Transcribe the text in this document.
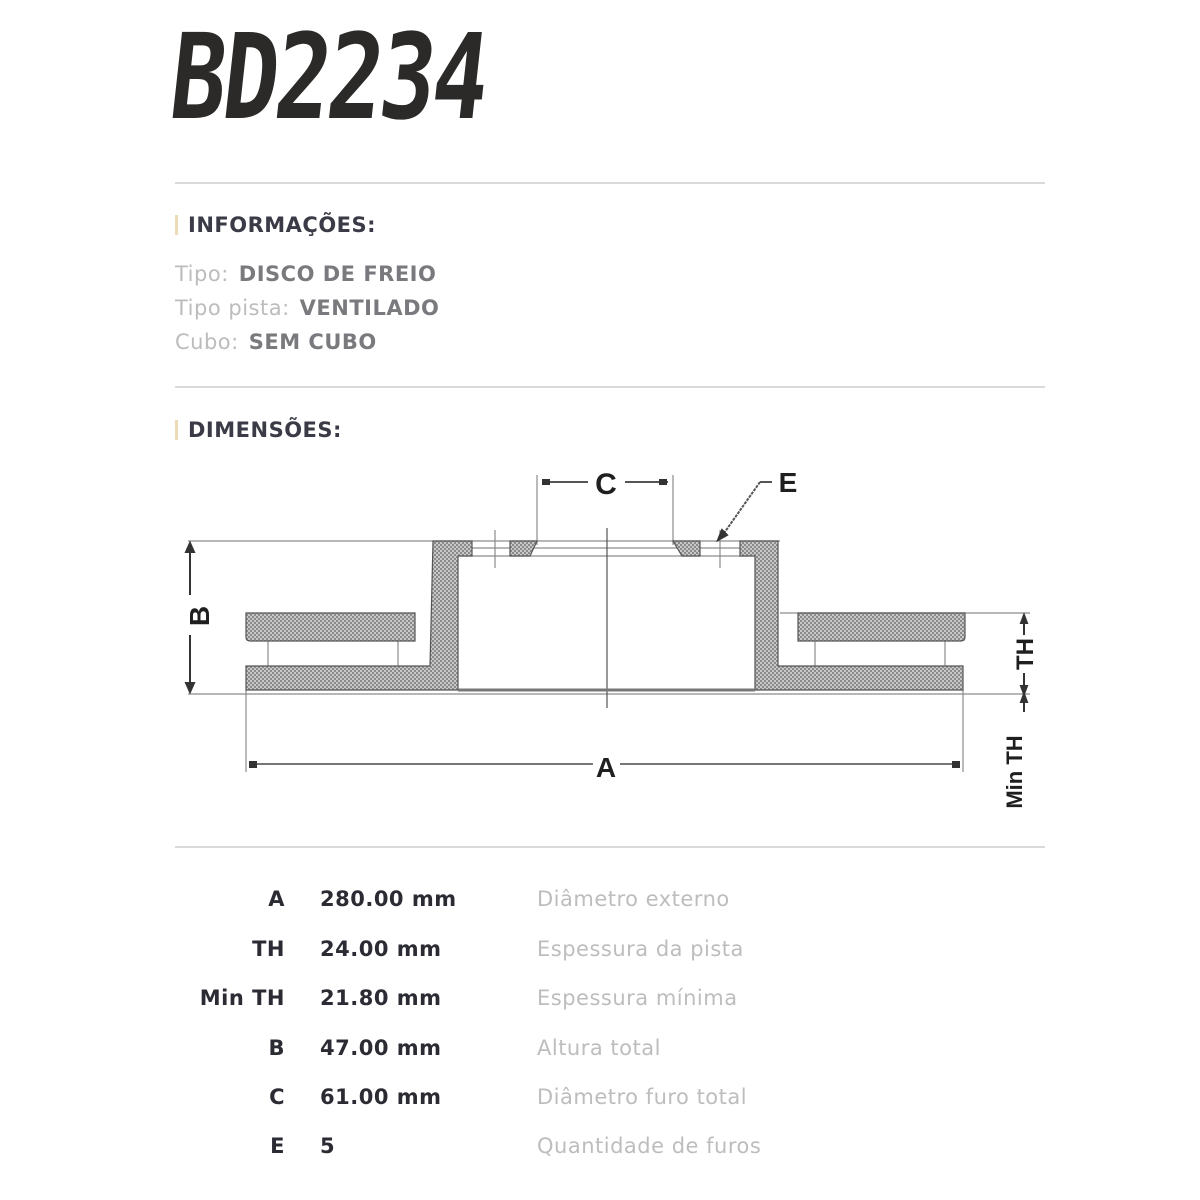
BD2234
INFORMAÇÕES:
Tipo: DISCO DE FREIO
Tipo pista: VENTILADO
Cubo: SEM CUBO
DIMENSÕES:
C	E
A
B
TH
Min TH
A 280.00 mm	Diâmetro externo
TH 24.00 mm	Espessura da pista
Min TH 21.80 mm	Espessura mínima
B 47.00 mm	Altura total
C 61.00 mm	Diâmetro furo total
E 5	Quantidade de furos
